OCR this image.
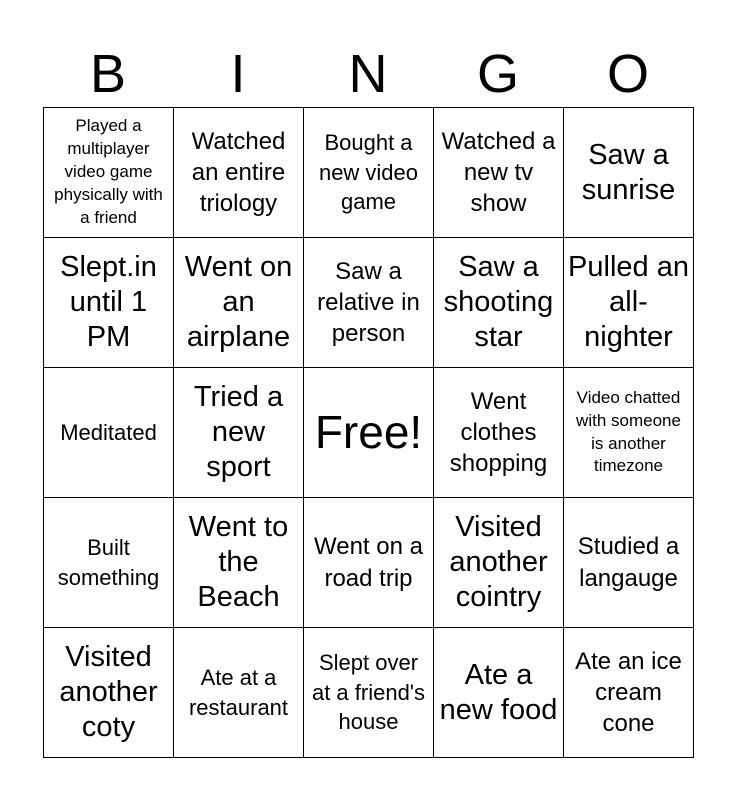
B	I	N	G	O
Played a multiplayer video game physically with a friend	Watched an entire triology	Bought a new video game	Watched a new tv show	Saw a sunrise

Slept.in until 1 PM	Went on an airplane	Saw a relative in person	Saw a shooting star	Pulled an all-nighter

Meditated	Tried a new sport	Free!	Went clothes shopping	Video chatted with someone is another timezone

Built something	Went to the Beach	Went on a road trip	Visited another cointry	Studied a langauge

Visited another coty	Ate at a restaurant	Slept over at a friend's house	Ate a new food	Ate an ice cream cone
